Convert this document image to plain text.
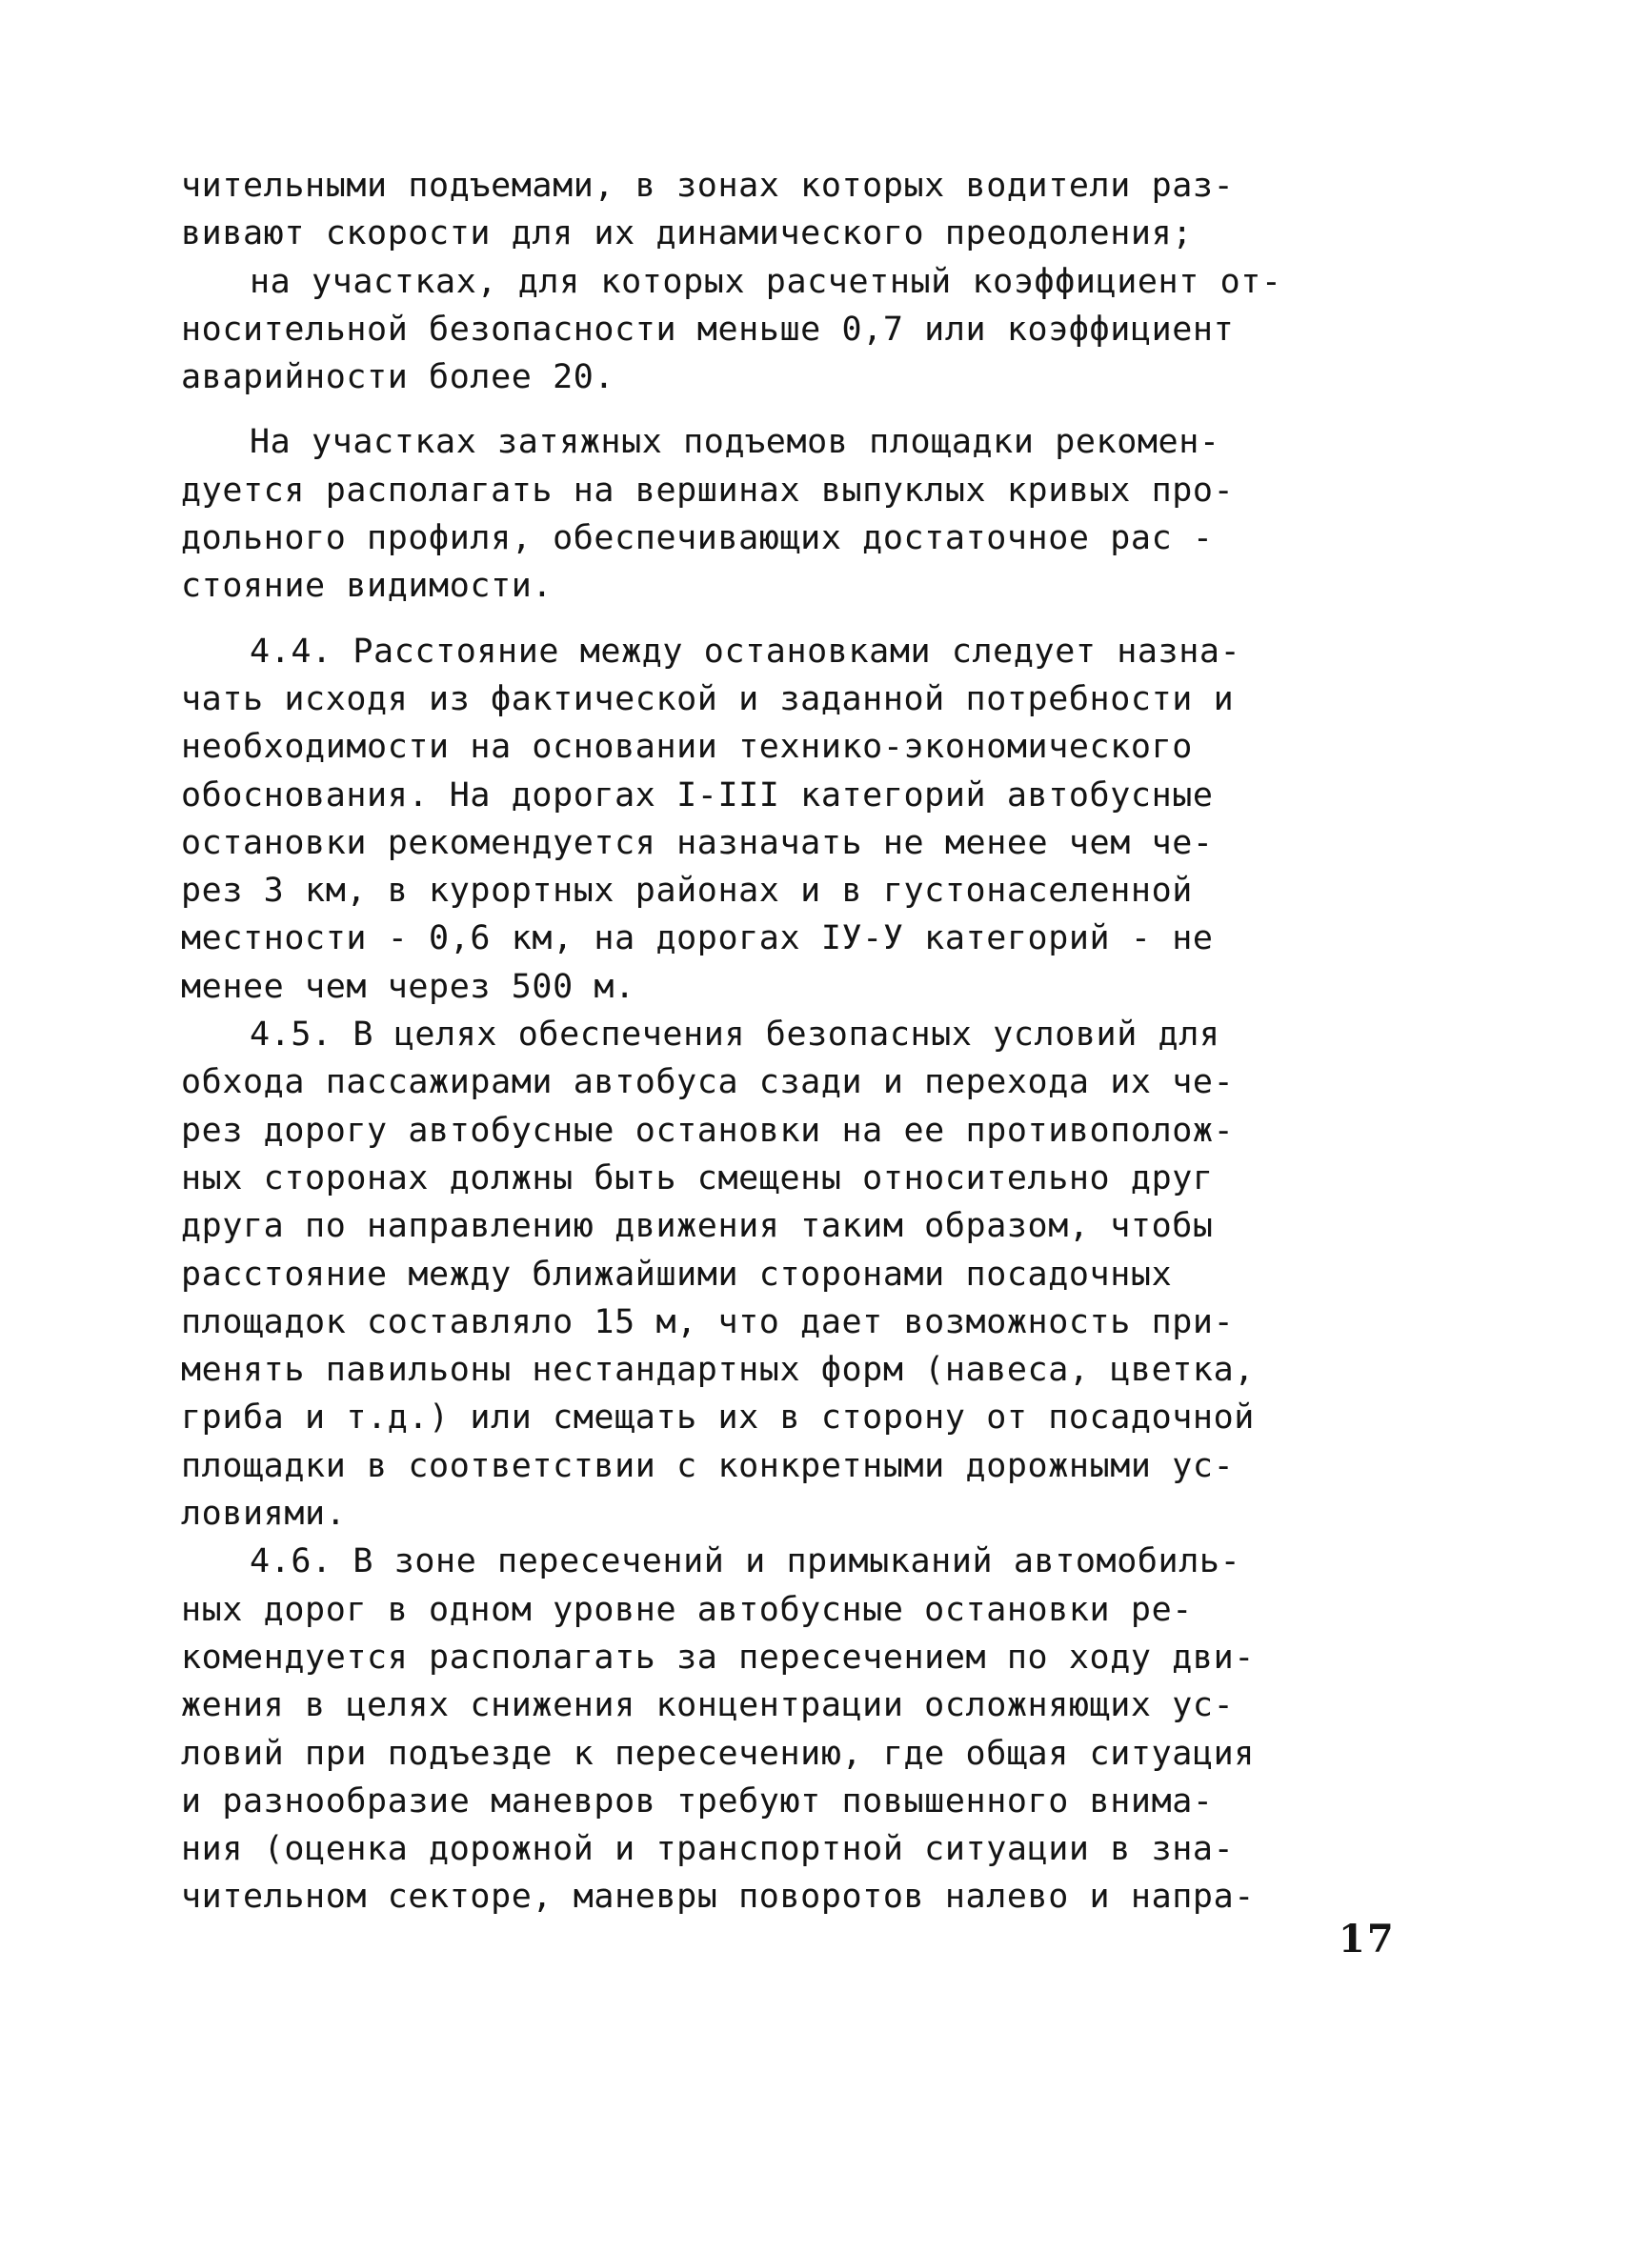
чительными подъемами, в зонах которых водители раз-
вивают скорости для их динамического преодоления;
на участках, для которых расчетный коэффициент от-
носительной безопасности меньше 0,7 или коэффициент
аварийности более 20.
На участках затяжных подъемов площадки рекомен-
дуется располагать на вершинах выпуклых кривых про-
дольного профиля, обеспечивающих достаточное рас -
стояние видимости.
4.4. Расстояние между остановками следует назна-
чать исходя из фактической и заданной потребности и
необходимости на основании технико-экономического
обоснования. На дорогах I-III категорий автобусные
остановки рекомендуется назначать не менее чем че-
рез 3 км, в курортных районах и в густонаселенной
местности - 0,6 км, на дорогах IУ-У категорий - не
менее чем через 500 м.
4.5. В целях обеспечения безопасных условий для
обхода пассажирами автобуса сзади и перехода их че-
рез дорогу автобусные остановки на ее противополож-
ных сторонах должны быть смещены относительно друг
друга по направлению движения таким образом, чтобы
расстояние между ближайшими сторонами посадочных
площадок составляло 15 м, что дает возможность при-
менять павильоны нестандартных форм (навеса, цветка,
гриба и т.д.) или смещать их в сторону от посадочной
площадки в соответствии с конкретными дорожными ус-
ловиями.
4.6. В зоне пересечений и примыканий автомобиль-
ных дорог в одном уровне автобусные остановки ре-
комендуется располагать за пересечением по ходу дви-
жения в целях снижения концентрации осложняющих ус-
ловий при подъезде к пересечению, где общая ситуация
и разнообразие маневров требуют повышенного внима-
ния (оценка дорожной и транспортной ситуации в зна-
чительном секторе, маневры поворотов налево и напра-
17
